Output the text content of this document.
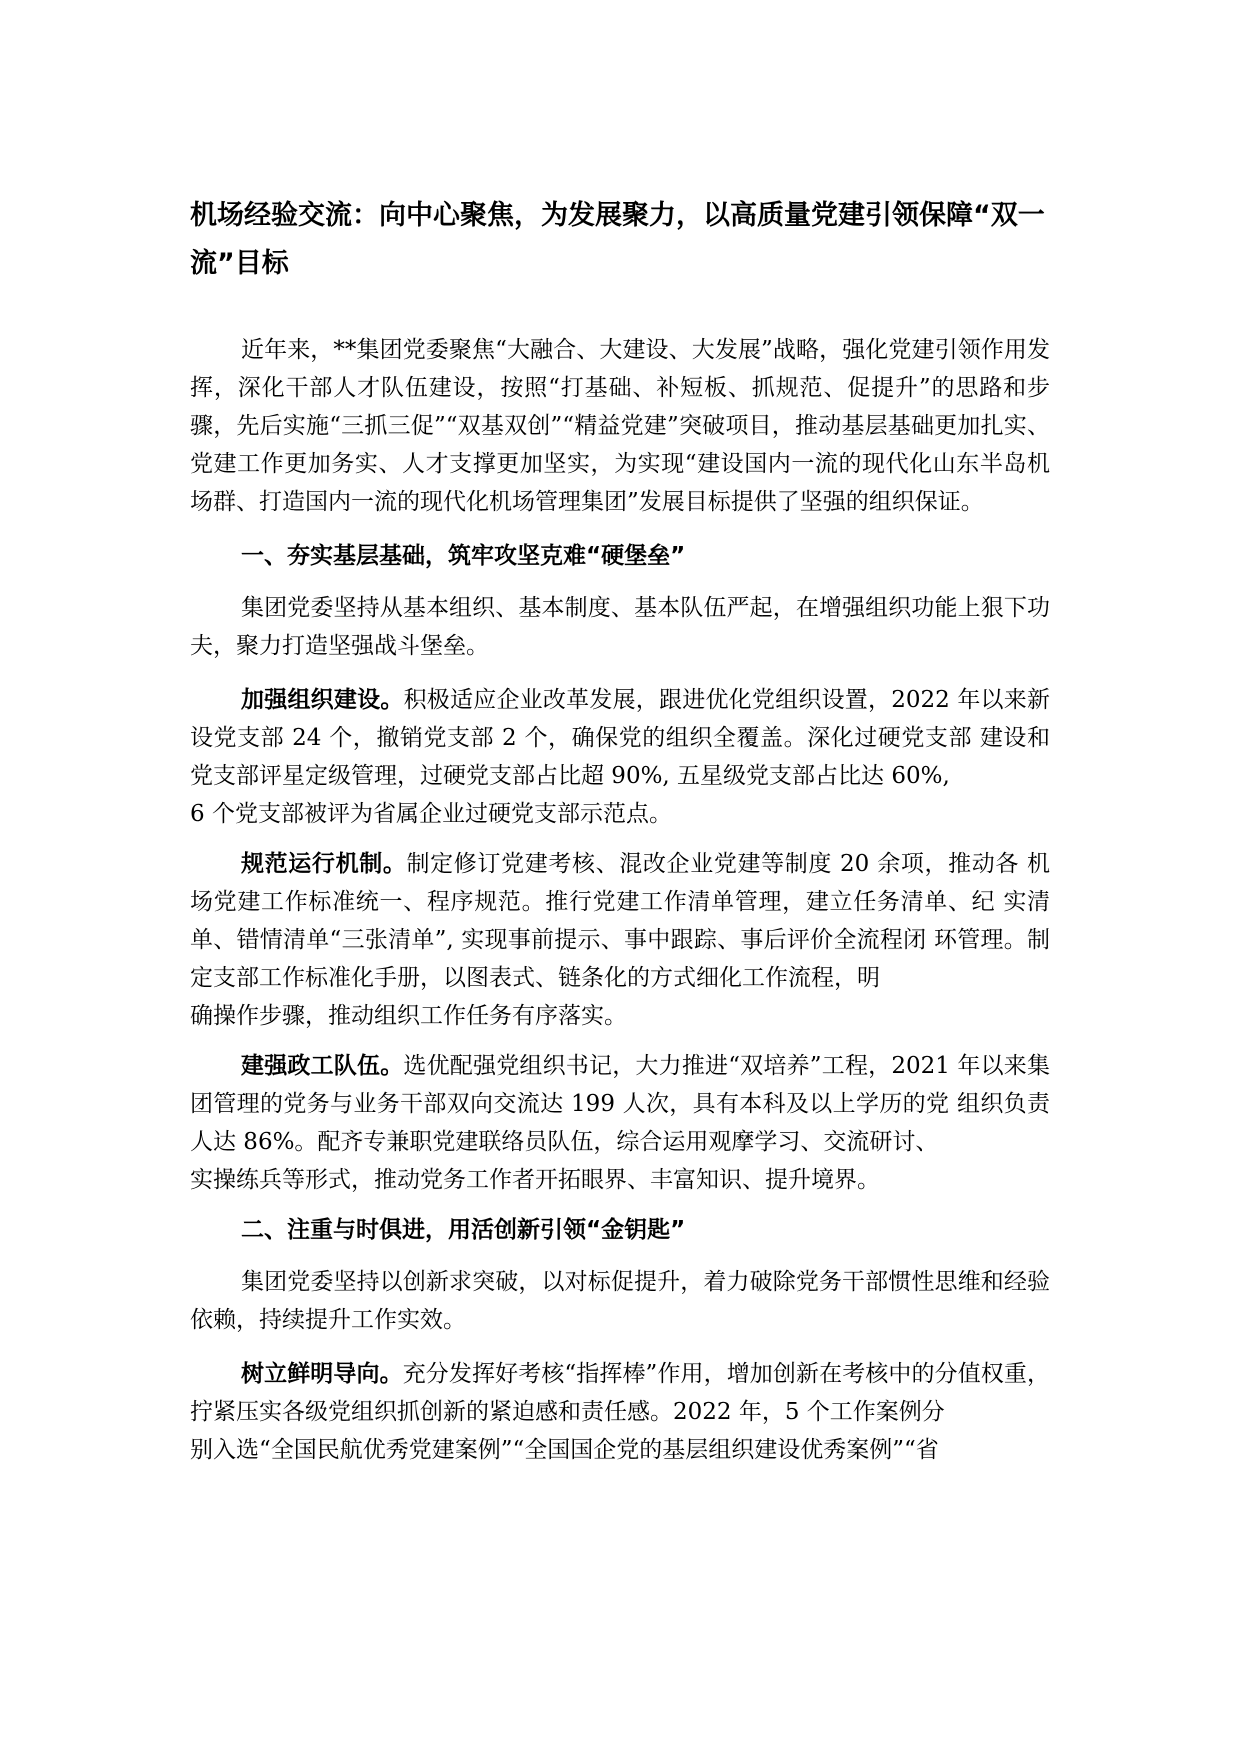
机场经验交流：向中心聚焦，为发展聚力，以高质量党建引领保障“双一流”目标

近年来，**集团党委聚焦“大融合、大建设、大发展”战略，强化党建引领作用发挥，深化干部人才队伍建设，按照“打基础、补短板、抓规范、促提升”的思路和步骤，先后实施“三抓三促”“双基双创”“精益党建”突破项目，推动基层基础更加扎实、党建工作更加务实、人才支撑更加坚实，为实现“建设国内一流的现代化山东半岛机场群、打造国内一流的现代化机场管理集团”发展目标提供了坚强的组织保证。

一、夯实基层基础，筑牢攻坚克难“硬堡垒”

集团党委坚持从基本组织、基本制度、基本队伍严起，在增强组织功能上狠下功夫，聚力打造坚强战斗堡垒。

加强组织建设。积极适应企业改革发展，跟进优化党组织设置，2022 年以来新设党支部 24 个，撤销党支部 2 个，确保党的组织全覆盖。深化过硬党支部 建设和党支部评星定级管理，过硬党支部占比超 90%, 五星级党支部占比达 60%,
6 个党支部被评为省属企业过硬党支部示范点。

规范运行机制。制定修订党建考核、混改企业党建等制度 20 余项，推动各 机场党建工作标准统一、程序规范。推行党建工作清单管理，建立任务清单、纪 实清单、错情清单“三张清单”, 实现事前提示、事中跟踪、事后评价全流程闭 环管理。制定支部工作标准化手册，以图表式、链条化的方式细化工作流程，明
确操作步骤，推动组织工作任务有序落实。

建强政工队伍。选优配强党组织书记，大力推进“双培养”工程，2021 年以来集团管理的党务与业务干部双向交流达 199 人次，具有本科及以上学历的党 组织负责人达 86%。配齐专兼职党建联络员队伍，综合运用观摩学习、交流研讨、
实操练兵等形式，推动党务工作者开拓眼界、丰富知识、提升境界。

二、注重与时俱进，用活创新引领“金钥匙”

集团党委坚持以创新求突破，以对标促提升，着力破除党务干部惯性思维和经验依赖，持续提升工作实效。

树立鲜明导向。充分发挥好考核“指挥棒”作用，增加创新在考核中的分值权重，拧紧压实各级党组织抓创新的紧迫感和责任感。2022 年，5 个工作案例分
别入选“全国民航优秀党建案例”“全国国企党的基层组织建设优秀案例”“省
